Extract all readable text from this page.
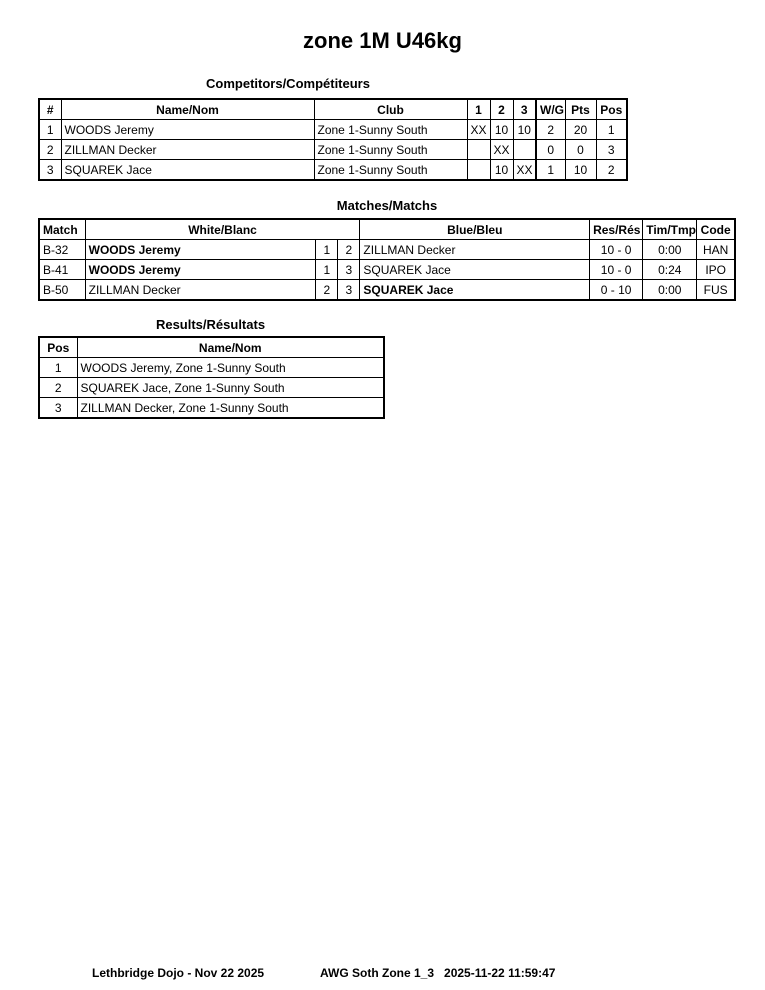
zone 1M U46kg
Competitors/Compétiteurs
#	Name/Nom	Club	1	2	3	W/G	Pts	Pos
1	WOODS Jeremy	Zone 1-Sunny South	XX	10	10	2	20	1
2	ZILLMAN Decker	Zone 1-Sunny South		XX		0	0	3
3	SQUAREK Jace	Zone 1-Sunny South		10	XX	1	10	2
Matches/Matchs
Match	White/Blanc			Blue/Bleu	Res/Rés	Tim/Tmp	Code
B-32	WOODS Jeremy	1	2	ZILLMAN Decker	10 - 0	0:00	HAN
B-41	WOODS Jeremy	1	3	SQUAREK Jace	10 - 0	0:24	IPO
B-50	ZILLMAN Decker	2	3	SQUAREK Jace	0 - 10	0:00	FUS
Results/Résultats
Pos	Name/Nom
1	WOODS Jeremy, Zone 1-Sunny South
2	SQUAREK Jace, Zone 1-Sunny South
3	ZILLMAN Decker, Zone 1-Sunny South
Lethbridge Dojo - Nov 22 2025	AWG Soth Zone 1_3   2025-11-22 11:59:47
